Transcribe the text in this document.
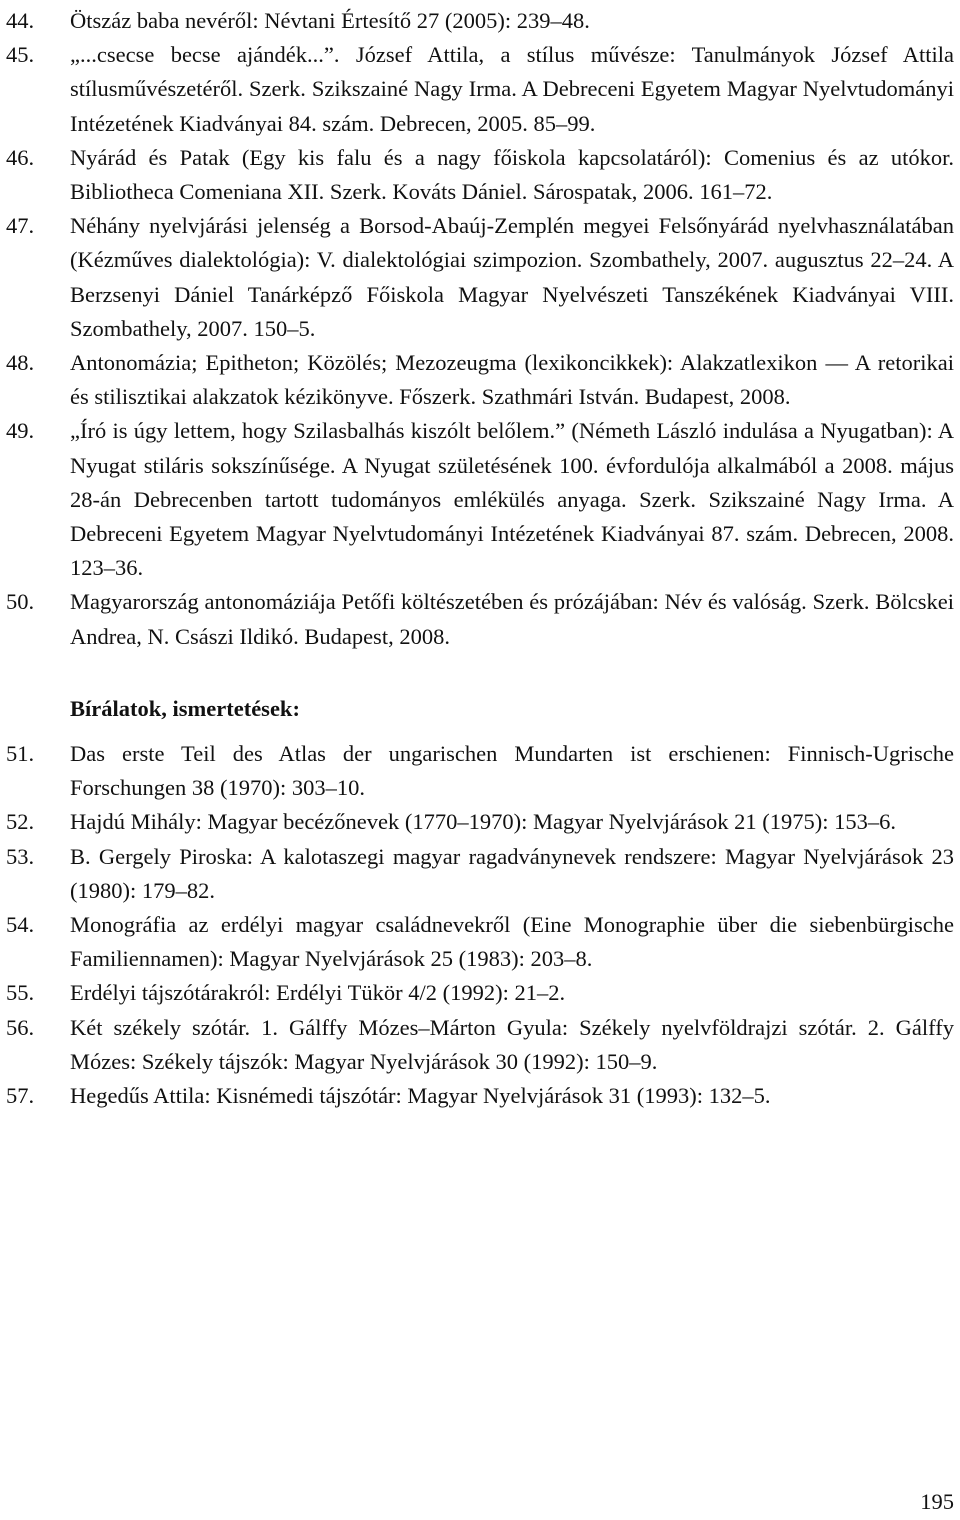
44.	Ötszáz baba nevéről: Névtani Értesítő 27 (2005): 239–48.
45.	„...csecse becse ajándék...”. József Attila, a stílus művésze: Tanulmányok József Attila stílusművészetéről. Szerk. Szikszainé Nagy Irma. A Debreceni Egyetem Magyar Nyelvtudományi Intézetének Kiadványai 84. szám. Debrecen, 2005. 85–99.
46.	Nyárád és Patak (Egy kis falu és a nagy főiskola kapcsolatáról): Comenius és az utókor. Bibliotheca Comeniana XII. Szerk. Kováts Dániel. Sárospatak, 2006. 161–72.
47.	Néhány nyelvjárási jelenség a Borsod-Abaúj-Zemplén megyei Felsőnyárád nyelvhasználatában (Kézműves dialektológia): V. dialektológiai szimpozion. Szombathely, 2007. augusztus 22–24. A Berzsenyi Dániel Tanárképző Főiskola Magyar Nyelvészeti Tanszékének Kiadványai VIII. Szombathely, 2007. 150–5.
48.	Antonomázia; Epitheton; Közölés; Mezozeugma (lexikoncikkek): Alakzatlexikon — A retorikai és stilisztikai alakzatok kézikönyve. Főszerk. Szathmári István. Budapest, 2008.
49.	„Író is úgy lettem, hogy Szilasbalhás kiszólt belőlem.” (Németh László indulása a Nyugatban): A Nyugat stiláris sokszínűsége. A Nyugat születésének 100. évfordulója alkalmából a 2008. május 28-án Debrecenben tartott tudományos emlékülés anyaga. Szerk. Szikszainé Nagy Irma. A Debreceni Egyetem Magyar Nyelvtudományi Intézetének Kiadványai 87. szám. Debrecen, 2008. 123–36.
50.	Magyarország antonomáziája Petőfi költészetében és prózájában: Név és valóság. Szerk. Bölcskei Andrea, N. Császi Ildikó. Budapest, 2008.
Bírálatok, ismertetések:
51.	Das erste Teil des Atlas der ungarischen Mundarten ist erschienen: Finnisch-Ugrische Forschungen 38 (1970): 303–10.
52.	Hajdú Mihály: Magyar becézőnevek (1770–1970): Magyar Nyelvjárások 21 (1975): 153–6.
53.	B. Gergely Piroska: A kalotaszegi magyar ragadványnevek rendszere: Magyar Nyelvjárások 23 (1980): 179–82.
54.	Monográfia az erdélyi magyar családnevekről (Eine Monographie über die siebenbürgische Familiennamen): Magyar Nyelvjárások 25 (1983): 203–8.
55.	Erdélyi tájszótárakról: Erdélyi Tükör 4/2 (1992): 21–2.
56.	Két székely szótár. 1. Gálffy Mózes–Márton Gyula: Székely nyelvföldrajzi szótár. 2. Gálffy Mózes: Székely tájszók: Magyar Nyelvjárások 30 (1992): 150–9.
57.	Hegedűs Attila: Kisnémedi tájszótár: Magyar Nyelvjárások 31 (1993): 132–5.
195
